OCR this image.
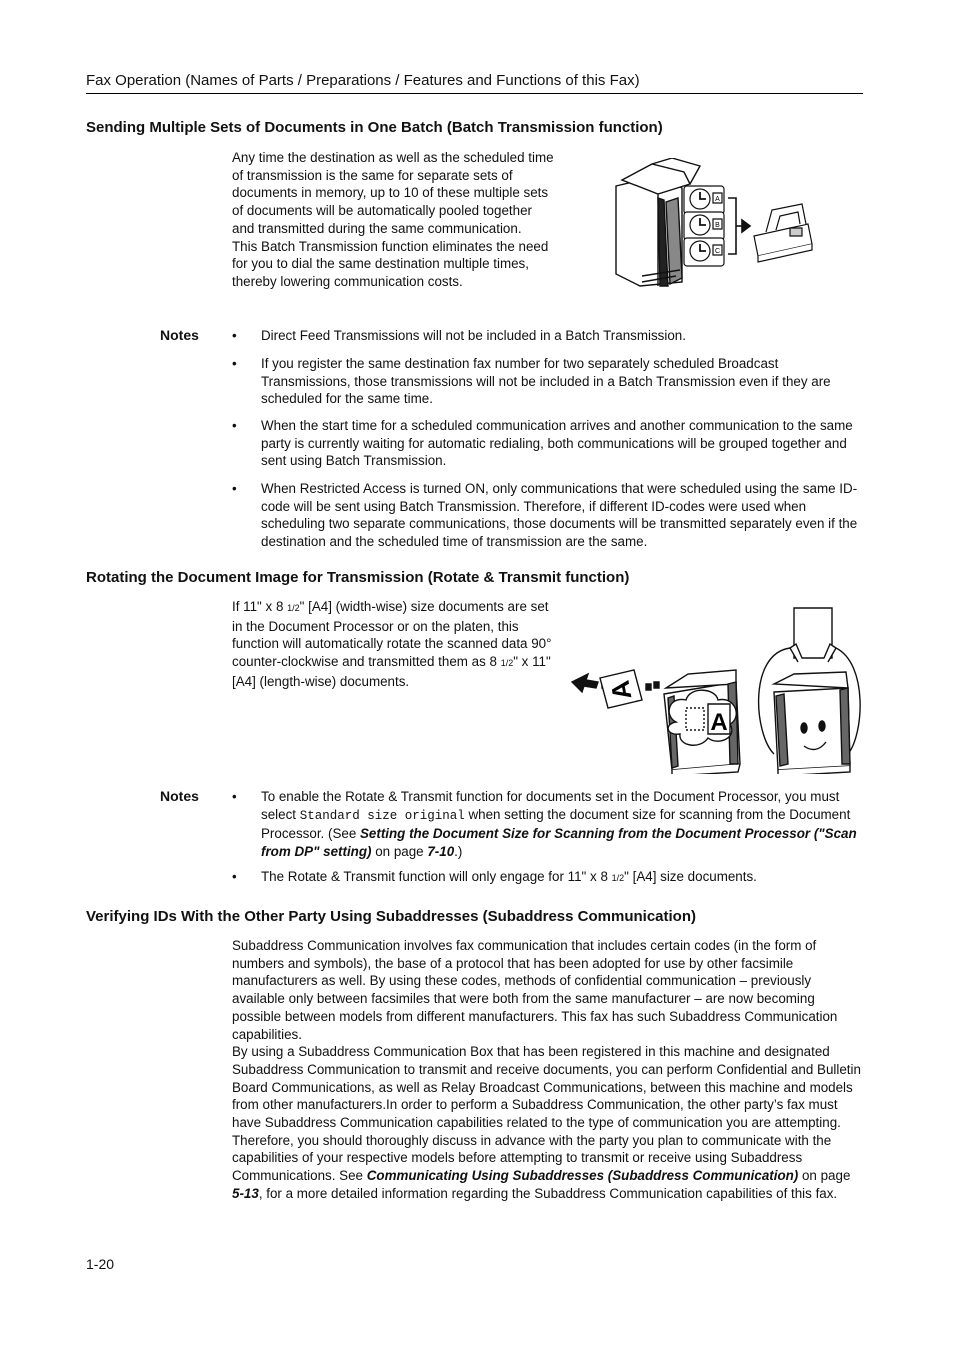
Fax Operation (Names of Parts / Preparations / Features and Functions of this Fax)
Sending Multiple Sets of Documents in One Batch (Batch Transmission function)
Any time the destination as well as the scheduled time of transmission is the same for separate sets of documents in memory, up to 10 of these multiple sets of documents will be automatically pooled together and transmitted during the same communication.
This Batch Transmission function eliminates the need for you to dial the same destination multiple times, thereby lowering communication costs.
A
B
C
Notes •	Direct Feed Transmissions will not be included in a Batch Transmission.
•	If you register the same destination fax number for two separately scheduled Broadcast Transmissions, those transmissions will not be included in a Batch Transmission even if they are scheduled for the same time.
•	When the start time for a scheduled communication arrives and another communication to the same party is currently waiting for automatic redialing, both communications will be grouped together and sent using Batch Transmission.
•	When Restricted Access is turned ON, only communications that were scheduled using the same ID-code will be sent using Batch Transmission. Therefore, if different ID-codes were used when scheduling two separate communications, those documents will be transmitted separately even if the destination and the scheduled time of transmission are the same.
Rotating the Document Image for Transmission (Rotate & Transmit function)
If 11" x 8 1/2" [A4] (width-wise) size documents are set in the Document Processor or on the platen, this function will automatically rotate the scanned data 90° counter-clockwise and transmitted them as 8 1/2" x 11" [A4] (length-wise) documents.	A
A
Notes •	To enable the Rotate & Transmit function for documents set in the Document Processor, you must select Standard size original when setting the document size for scanning from the Document Processor. (See Setting the Document Size for Scanning from the Document Processor ("Scan from DP" setting) on page 7-10.)
•	The Rotate & Transmit function will only engage for 11" x 8 1/2" [A4] size documents.
Verifying IDs With the Other Party Using Subaddresses (Subaddress Communication)
Subaddress Communication involves fax communication that includes certain codes (in the form of numbers and symbols), the base of a protocol that has been adopted for use by other facsimile manufacturers as well. By using these codes, methods of confidential communication – previously available only between facsimiles that were both from the same manufacturer – are now becoming possible between models from different manufacturers. This fax has such Subaddress Communication capabilities.
By using a Subaddress Communication Box that has been registered in this machine and designated Subaddress Communication to transmit and receive documents, you can perform Confidential and Bulletin Board Communications, as well as Relay Broadcast Communications, between this machine and models from other manufacturers.In order to perform a Subaddress Communication, the other party’s fax must have Subaddress Communication capabilities related to the type of communication you are attempting. Therefore, you should thoroughly discuss in advance with the party you plan to communicate with the capabilities of your respective models before attempting to transmit or receive using Subaddress Communications. See Communicating Using Subaddresses (Subaddress Communication) on page 5-13, for a more detailed information regarding the Subaddress Communication capabilities of this fax.
1-20
